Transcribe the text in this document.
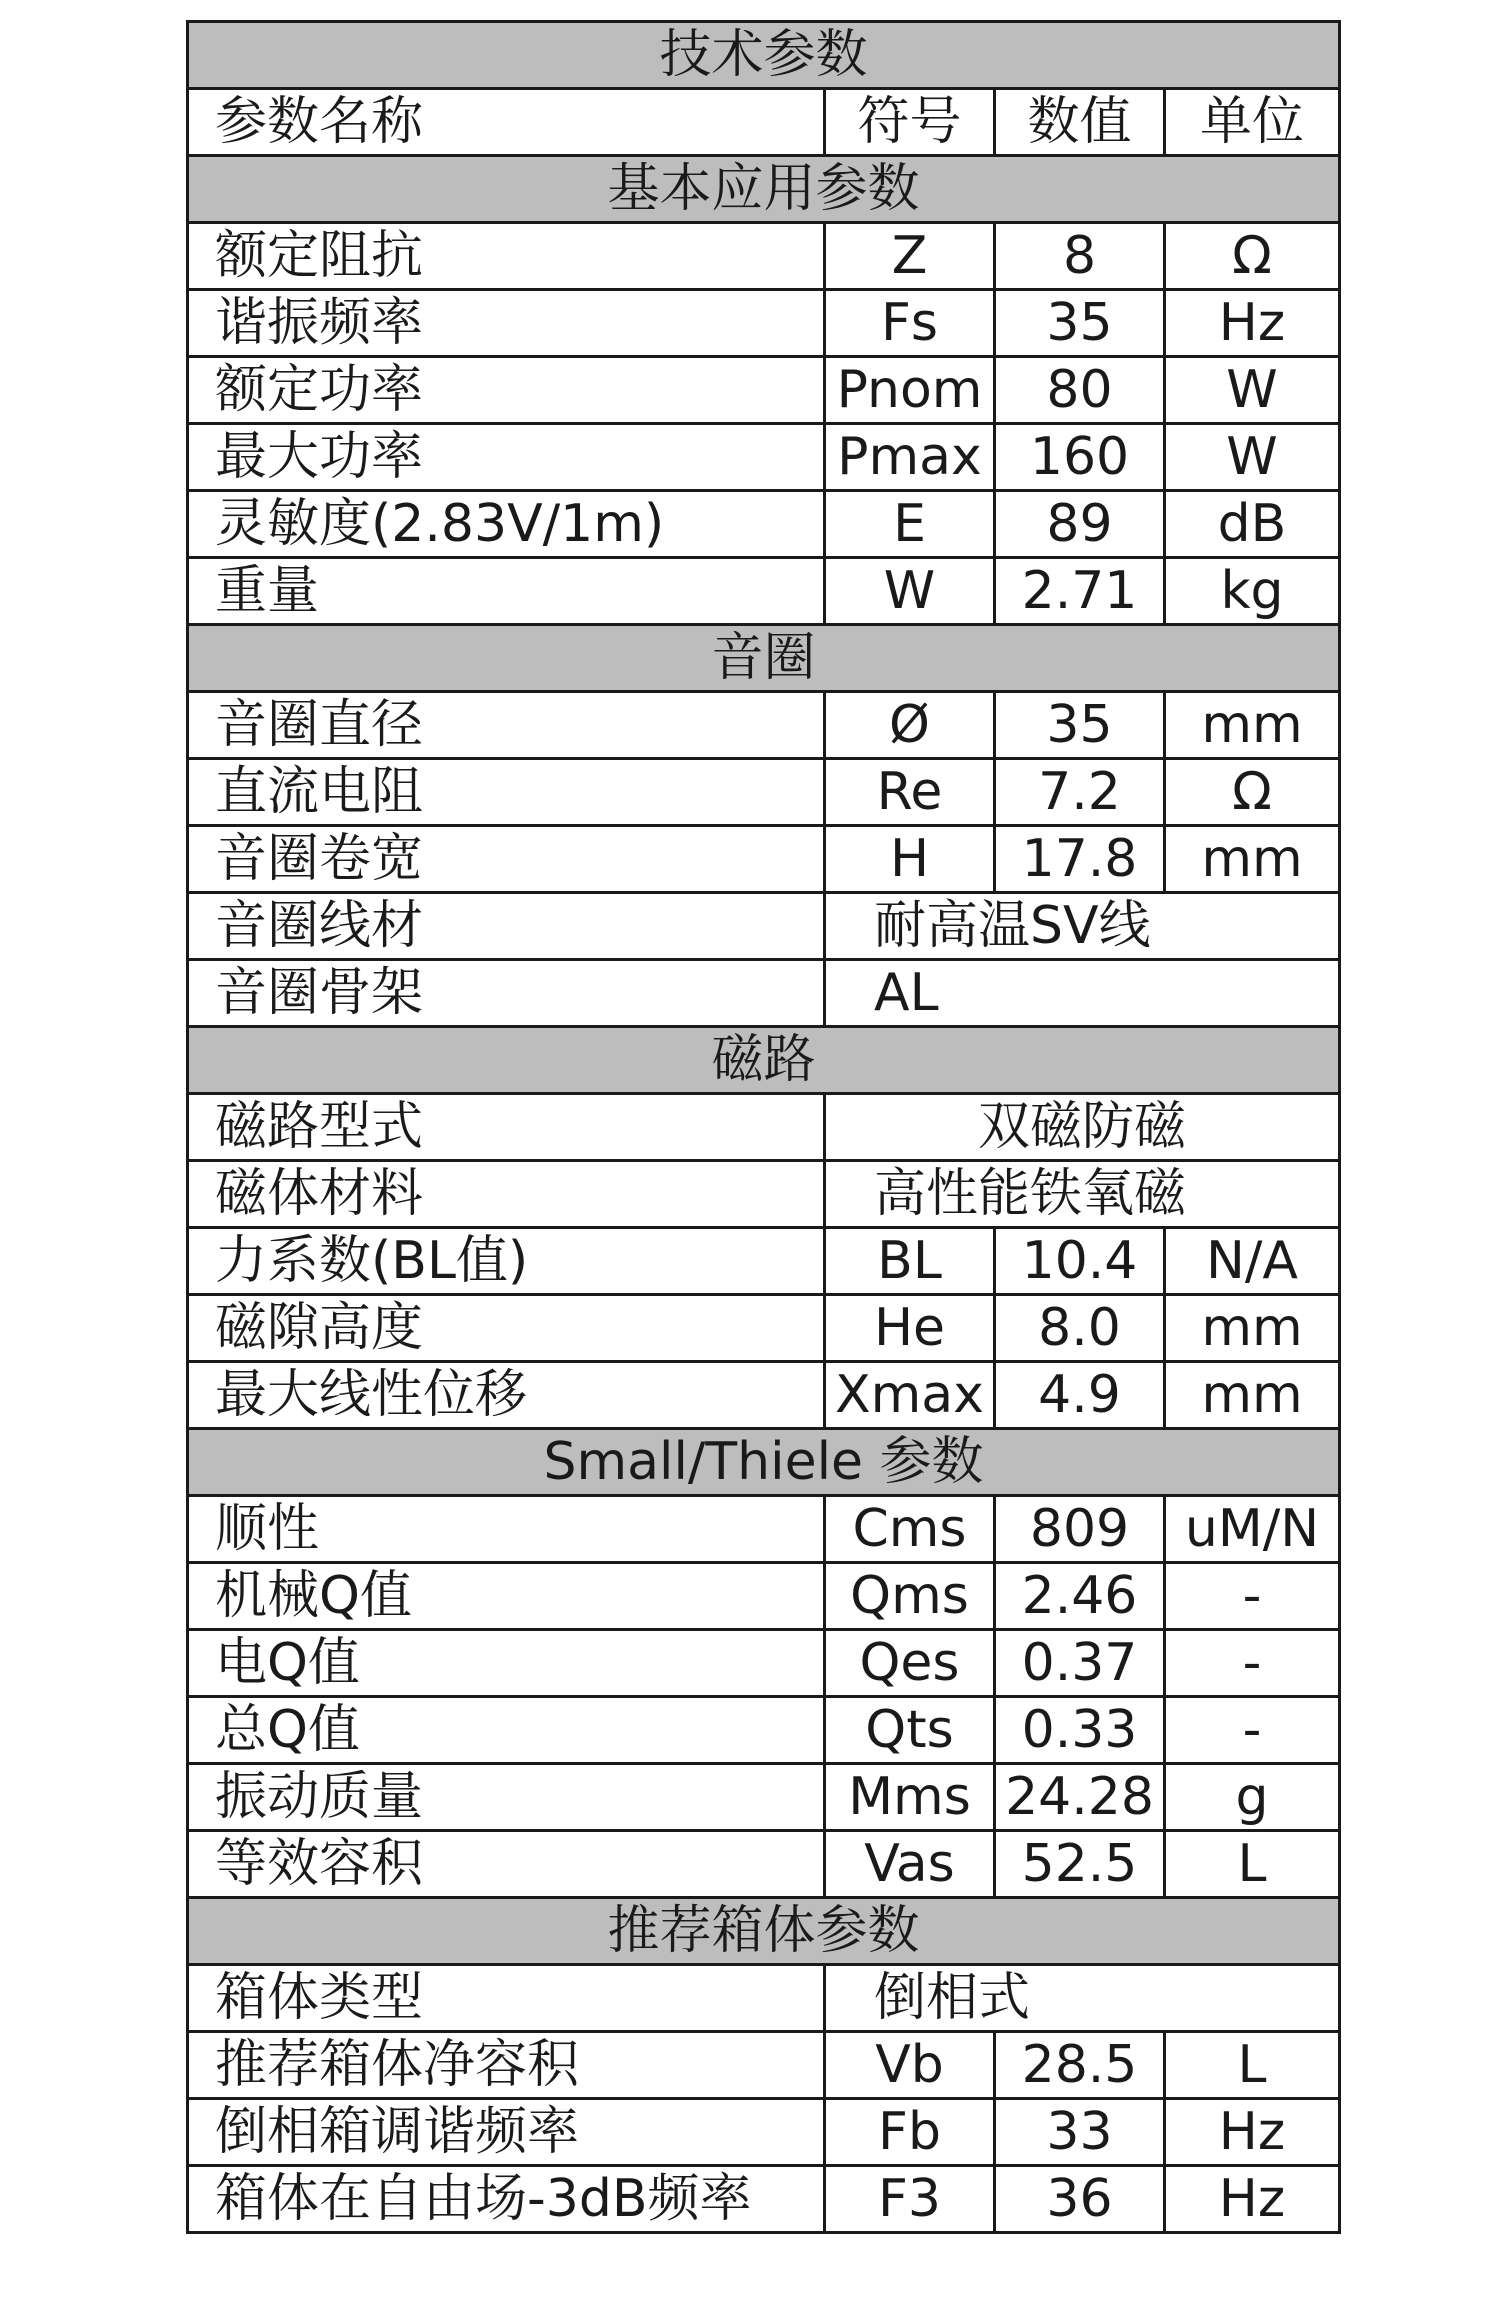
技术参数			
参数名称	符号	数值	单位
基本应用参数			
额定阻抗	Z	8	Ω
谐振频率	Fs	35	Hz
额定功率	Pnom	80	W
最大功率	Pmax	160	W
灵敏度(2.83V/1m)	E	89	dB
重量	W	2.71	kg
音圈			
音圈直径	Ø	35	mm
直流电阻	Re	7.2	Ω
音圈卷宽	H	17.8	mm
音圈线材	耐高温SV线		
音圈骨架	AL		
磁路			
磁路型式	双磁防磁		
磁体材料	高性能铁氧磁		
力系数(BL值)	BL	10.4	N/A
磁隙高度	He	8.0	mm
最大线性位移	Xmax	4.9	mm
Small/Thiele 参数			
顺性	Cms	809	uM/N
机械Q值	Qms	2.46	-
电Q值	Qes	0.37	-
总Q值	Qts	0.33	-
振动质量	Mms	24.28	g
等效容积	Vas	52.5	L
推荐箱体参数			
箱体类型	倒相式		
推荐箱体净容积	Vb	28.5	L
倒相箱调谐频率	Fb	33	Hz
箱体在自由场-3dB频率	F3	36	Hz
